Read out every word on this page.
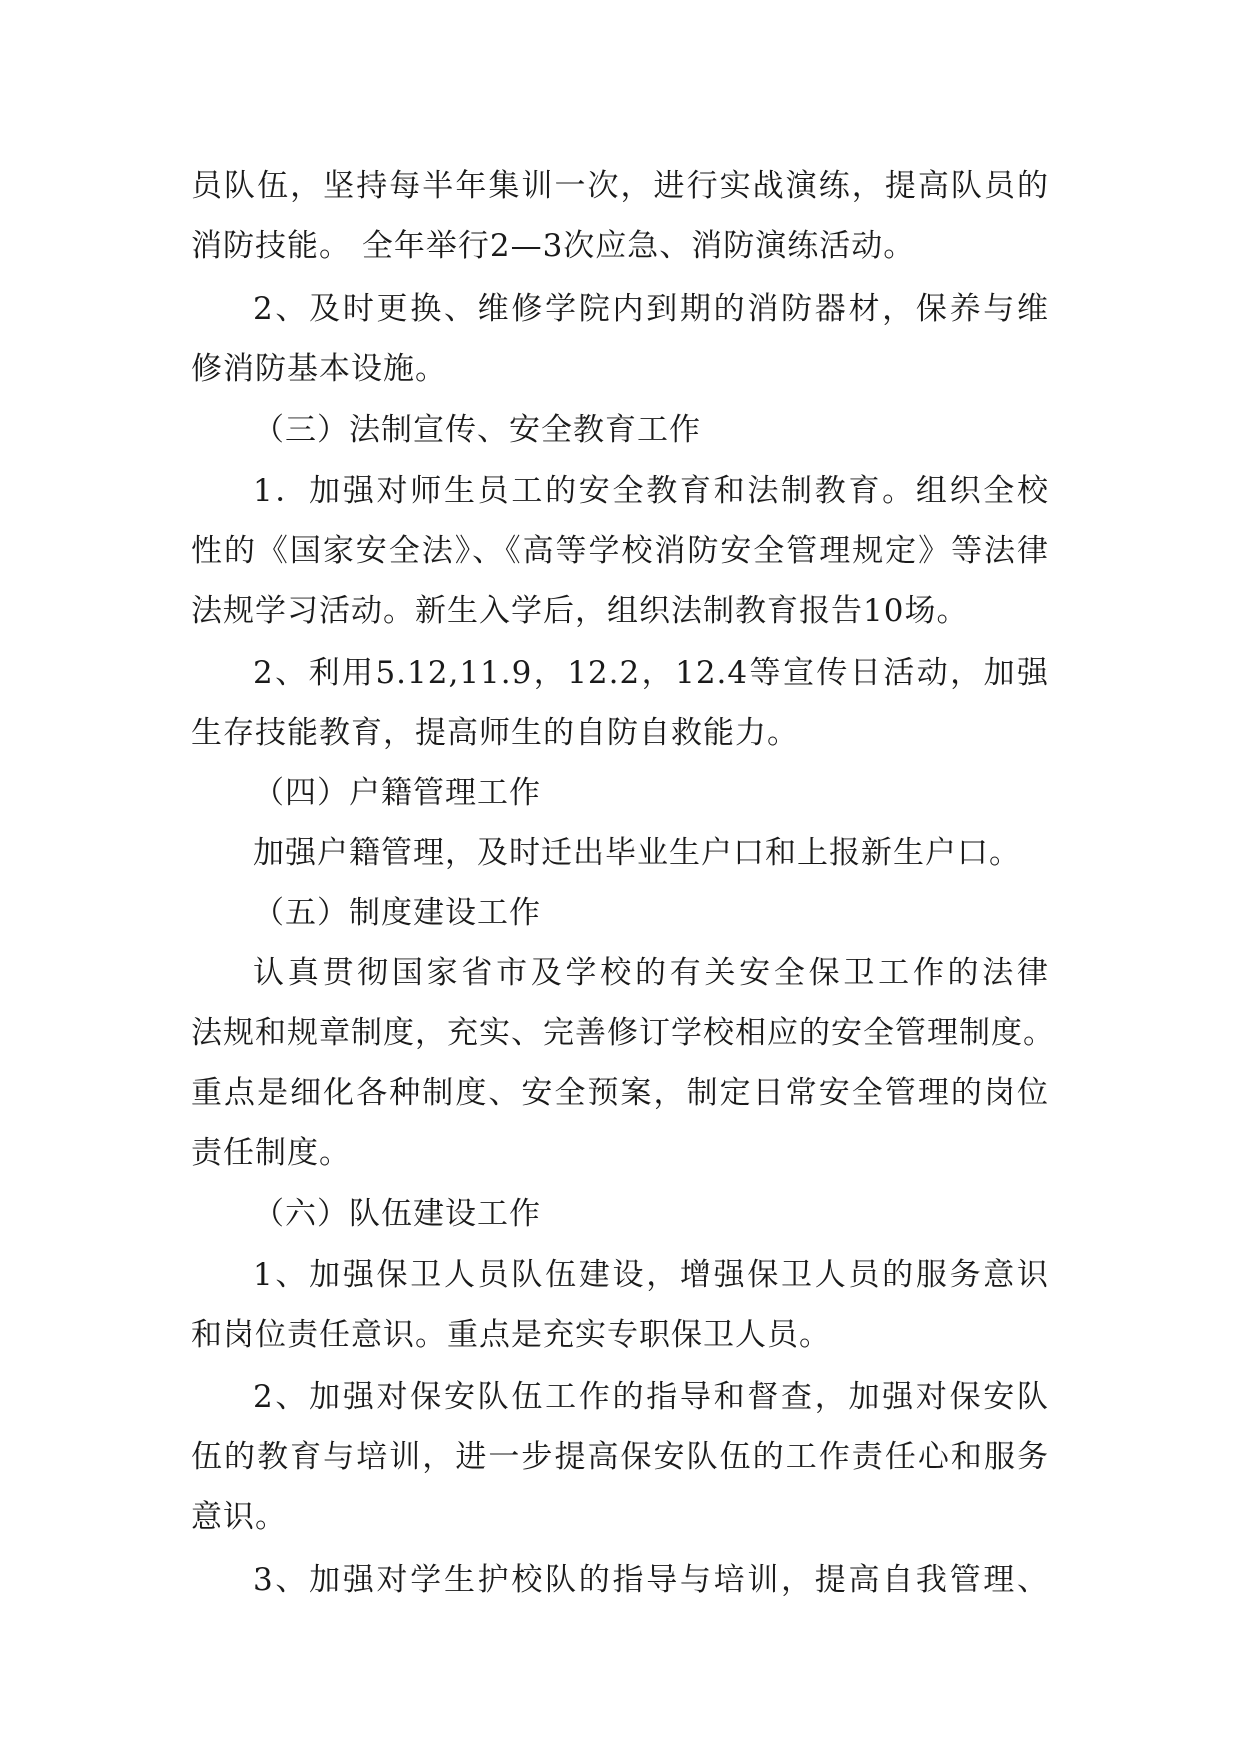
员队伍，坚持每半年集训一次，进行实战演练，提高队员的
消防技能。 全年举行2—3次应急、消防演练活动。
2、及时更换、维修学院内到期的消防器材，保养与维
修消防基本设施。
（三）法制宣传、安全教育工作
1．加强对师生员工的安全教育和法制教育。组织全校
性的《国家安全法》、《高等学校消防安全管理规定》等法律
法规学习活动。新生入学后，组织法制教育报告10场。
2、利用5.12,11.9，12.2，12.4等宣传日活动，加强
生存技能教育，提高师生的自防自救能力。
（四）户籍管理工作
加强户籍管理，及时迁出毕业生户口和上报新生户口。
（五）制度建设工作
认真贯彻国家省市及学校的有关安全保卫工作的法律
法规和规章制度，充实、完善修订学校相应的安全管理制度。
重点是细化各种制度、安全预案，制定日常安全管理的岗位
责任制度。
（六）队伍建设工作
1、加强保卫人员队伍建设，增强保卫人员的服务意识
和岗位责任意识。重点是充实专职保卫人员。
2、加强对保安队伍工作的指导和督查，加强对保安队
伍的教育与培训，进一步提高保安队伍的工作责任心和服务
意识。
3、加强对学生护校队的指导与培训，提高自我管理、
